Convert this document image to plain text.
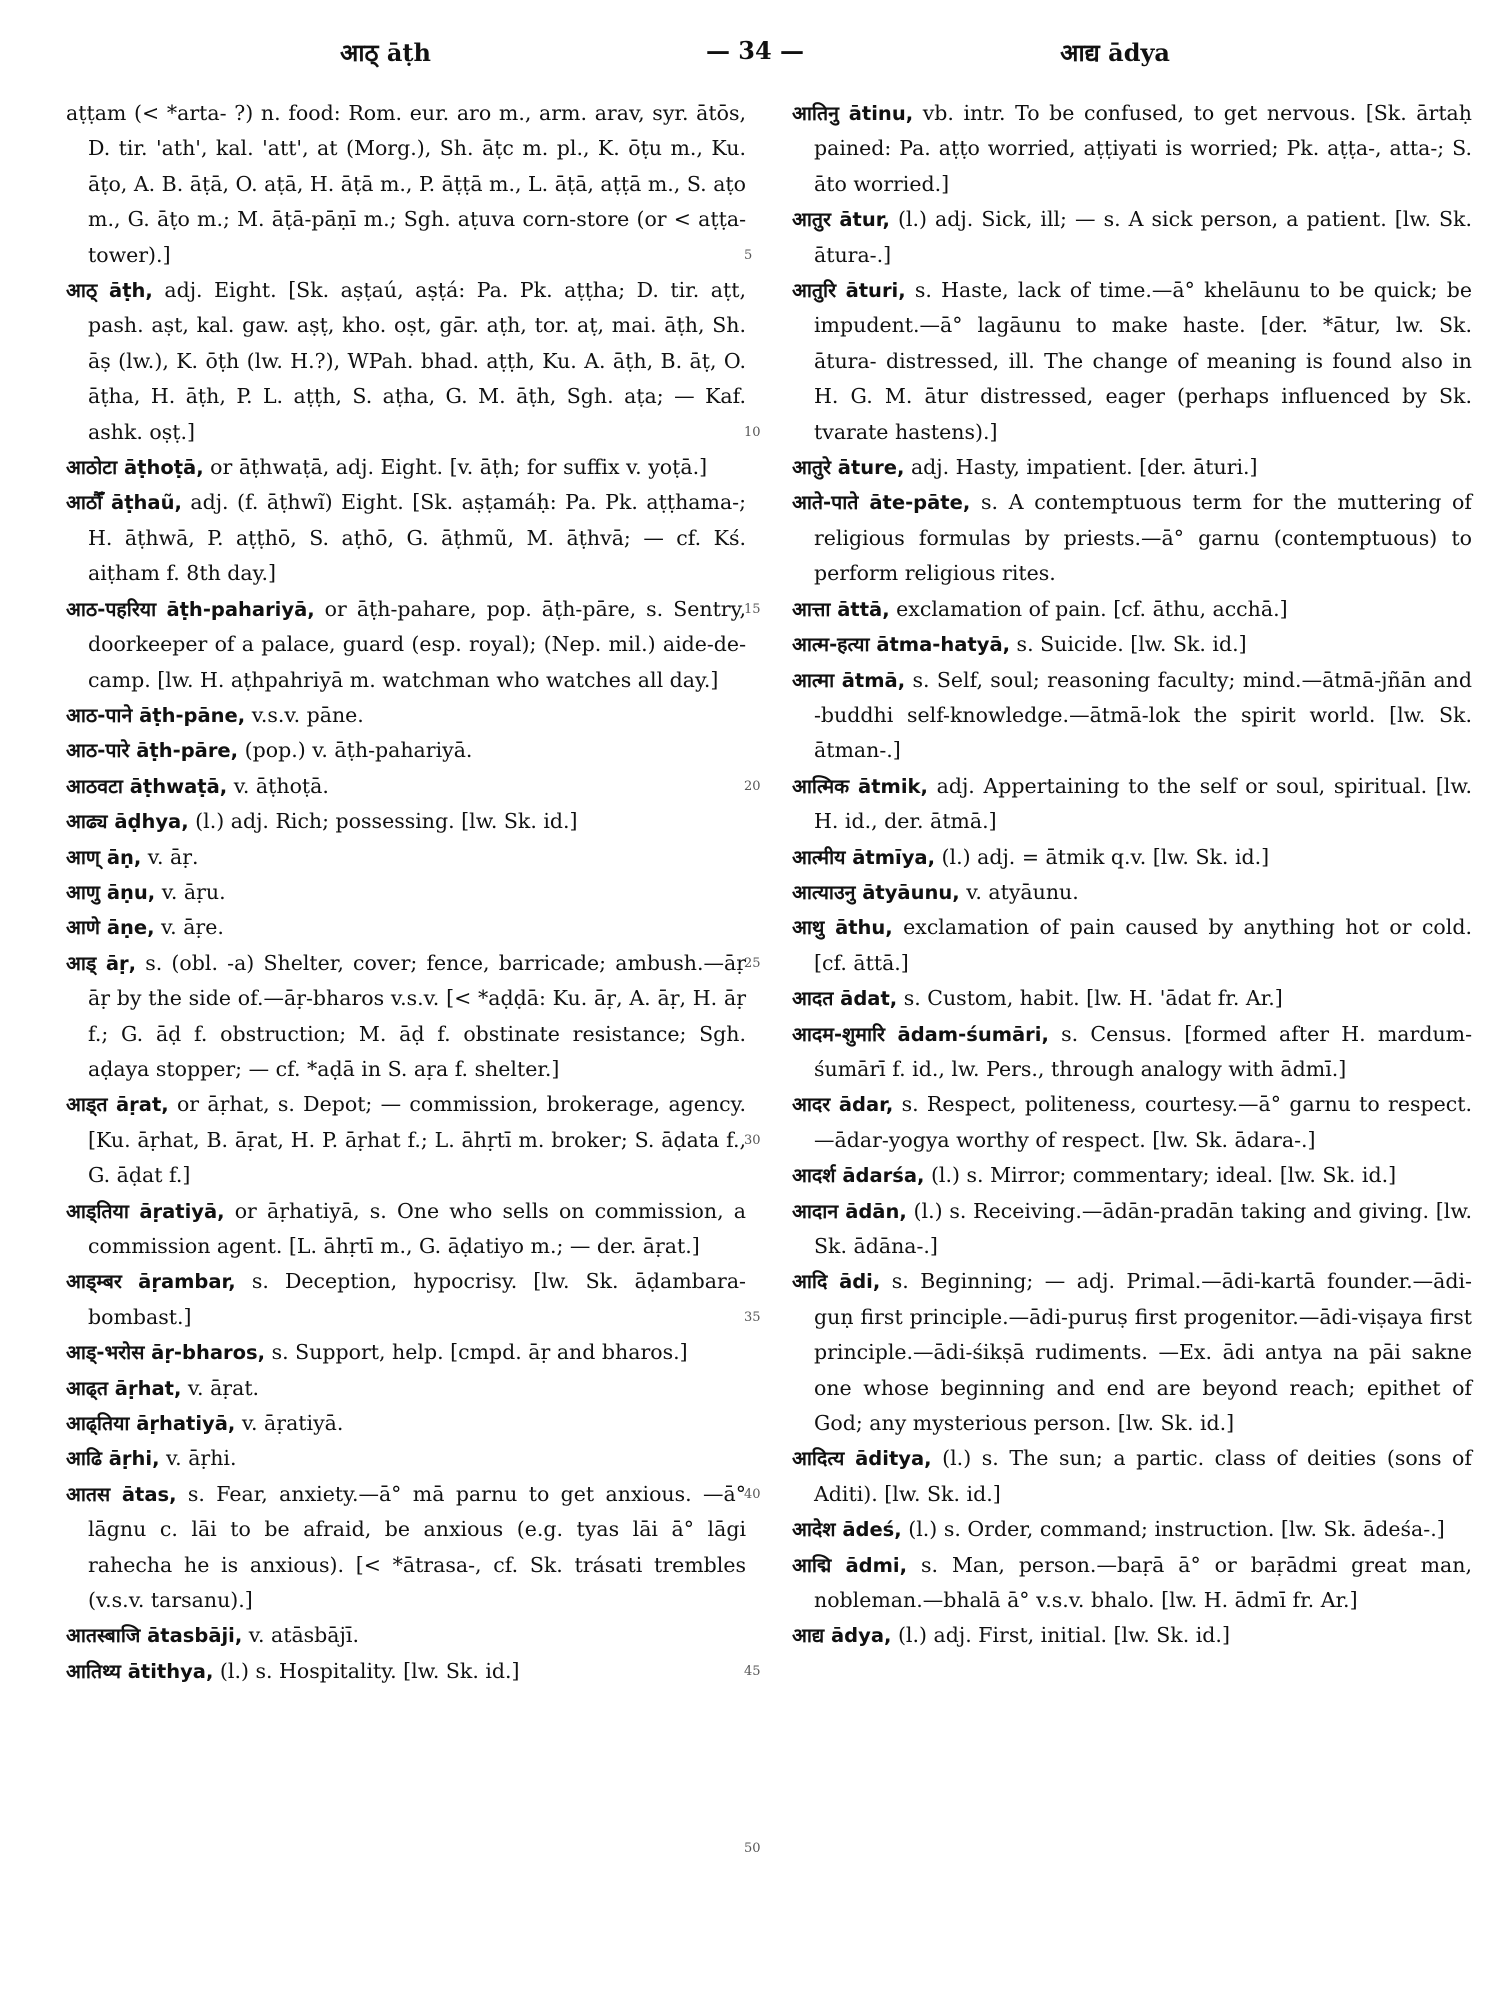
आठ् āṭh	— 34 —	आद्य ādya

aṭṭam (< *arta- ?) n. food: Rom. eur. aro m., arm. arav, syr. ātōs, D. tir. 'ath', kal. 'att', at (Morg.), Sh. āṭc m. pl., K. ōṭu m., Ku. āṭo, A. B. āṭā, O. aṭā, H. āṭā m., P. āṭṭā m., L. āṭā, aṭṭā m., S. aṭo m., G. āṭo m.; M. āṭā-pāṇī m.; Sgh. aṭuva corn-store (or < aṭṭa- tower).]

आठ् āṭh, adj. Eight. [Sk. aṣṭaú, aṣṭá: Pa. Pk. aṭṭha; D. tir. aṭt, pash. aṣt, kal. gaw. aṣṭ, kho. oṣt, gār. aṭh, tor. aṭ, mai. āṭh, Sh. āṣ (lw.), K. ōṭh (lw. H.?), WPah. bhad. aṭṭh, Ku. A. āṭh, B. āṭ, O. āṭha, H. āṭh, P. L. aṭṭh, S. aṭha, G. M. āṭh, Sgh. aṭa; — Kaf. ashk. oṣṭ.]

आठोटा āṭhoṭā, or āṭhwaṭā, adj. Eight. [v. āṭh; for suffix v. yoṭā.]

आठौँ āṭhaũ, adj. (f. āṭhwĩ) Eight. [Sk. aṣṭamáḥ: Pa. Pk. aṭṭhama-; H. āṭhwā, P. aṭṭhō, S. aṭhō, G. āṭhmũ, M. āṭhvā; — cf. Kś. aiṭham f. 8th day.]

आठ-पहरिया āṭh-pahariyā, or āṭh-pahare, pop. āṭh-pāre, s. Sentry, doorkeeper of a palace, guard (esp. royal); (Nep. mil.) aide-de-camp. [lw. H. aṭhpahriyā m. watchman who watches all day.]

आठ-पाने āṭh-pāne, v.s.v. pāne.

आठ-पारे āṭh-pāre, (pop.) v. āṭh-pahariyā.

आठवटा āṭhwaṭā, v. āṭhoṭā.

आढ्य āḍhya, (l.) adj. Rich; possessing. [lw. Sk. id.]

आण् āṇ, v. āṛ.

आणु āṇu, v. āṛu.

आणे āṇe, v. āṛe.

आड् āṛ, s. (obl. -a) Shelter, cover; fence, barricade; ambush.—āṛ āṛ by the side of.—āṛ-bharos v.s.v. [< *aḍḍā: Ku. āṛ, A. āṛ, H. āṛ f.; G. āḍ f. obstruction; M. āḍ f. obstinate resistance; Sgh. aḍaya stopper; — cf. *aḍā in S. aṛa f. shelter.]

आड्त āṛat, or āṛhat, s. Depot; — commission, brokerage, agency. [Ku. āṛhat, B. āṛat, H. P. āṛhat f.; L. āhṛtī m. broker; S. āḍata f., G. āḍat f.]

आड्तिया āṛatiyā, or āṛhatiyā, s. One who sells on commission, a commission agent. [L. āhṛtī m., G. āḍatiyo m.; — der. āṛat.]

आड्म्बर āṛambar, s. Deception, hypocrisy. [lw. Sk. āḍambara- bombast.]

आड्-भरोस āṛ-bharos, s. Support, help. [cmpd. āṛ and bharos.]

आढ्त āṛhat, v. āṛat.

आढ्तिया āṛhatiyā, v. āṛatiyā.

आढि āṛhi, v. āṛhi.

आतस ātas, s. Fear, anxiety.—ā° mā parnu to get anxious. —ā° lāgnu c. lāi to be afraid, be anxious (e.g. tyas lāi ā° lāgi rahecha he is anxious). [< *ātrasa-, cf. Sk. trásati trembles (v.s.v. tarsanu).]

आतस्बाजि ātasbāji, v. atāsbājī.

आतिथ्य ātithya, (l.) s. Hospitality. [lw. Sk. id.]

आतिनु ātinu, vb. intr. To be confused, to get nervous. [Sk. ārtaḥ pained: Pa. aṭṭo worried, aṭṭiyati is worried; Pk. aṭṭa-, atta-; S. āto worried.]

आतुर ātur, (l.) adj. Sick, ill; — s. A sick person, a patient. [lw. Sk. ātura-.]

आतुरि āturi, s. Haste, lack of time.—ā° khelāunu to be quick; be impudent.—ā° lagāunu to make haste. [der. *ātur, lw. Sk. ātura- distressed, ill. The change of meaning is found also in H. G. M. ātur distressed, eager (perhaps influenced by Sk. tvarate hastens).]

आतुरे āture, adj. Hasty, impatient. [der. āturi.]

आते-पाते āte-pāte, s. A contemptuous term for the muttering of religious formulas by priests.—ā° garnu (contemptuous) to perform religious rites.

आत्ता āttā, exclamation of pain. [cf. āthu, acchā.]

आत्म-हत्या ātma-hatyā, s. Suicide. [lw. Sk. id.]

आत्मा ātmā, s. Self, soul; reasoning faculty; mind.—ātmā-jñān and -buddhi self-knowledge.—ātmā-lok the spirit world. [lw. Sk. ātman-.]

आत्मिक ātmik, adj. Appertaining to the self or soul, spiritual. [lw. H. id., der. ātmā.]

आत्मीय ātmīya, (l.) adj. = ātmik q.v. [lw. Sk. id.]

आत्याउनु ātyāunu, v. atyāunu.

आथु āthu, exclamation of pain caused by anything hot or cold. [cf. āttā.]

आदत ādat, s. Custom, habit. [lw. H. 'ādat fr. Ar.]

आदम-शुमारि ādam-śumāri, s. Census. [formed after H. mardum-śumārī f. id., lw. Pers., through analogy with ādmī.]

आदर ādar, s. Respect, politeness, courtesy.—ā° garnu to respect.—ādar-yogya worthy of respect. [lw. Sk. ādara-.]

आदर्श ādarśa, (l.) s. Mirror; commentary; ideal. [lw. Sk. id.]

आदान ādān, (l.) s. Receiving.—ādān-pradān taking and giving. [lw. Sk. ādāna-.]

आदि ādi, s. Beginning; — adj. Primal.—ādi-kartā founder.—ādi-guṇ first principle.—ādi-puruṣ first progenitor.—ādi-viṣaya first principle.—ādi-śikṣā rudiments. —Ex. ādi antya na pāi sakne one whose beginning and end are beyond reach; epithet of God; any mysterious person. [lw. Sk. id.]

आदित्य āditya, (l.) s. The sun; a partic. class of deities (sons of Aditi). [lw. Sk. id.]

आदेश ādeś, (l.) s. Order, command; instruction. [lw. Sk. ādeśa-.]

आद्मि ādmi, s. Man, person.—baṛā ā° or baṛādmi great man, nobleman.—bhalā ā° v.s.v. bhalo. [lw. H. ādmī fr. Ar.]

आद्य ādya, (l.) adj. First, initial. [lw. Sk. id.]

5
10
15
20
25
30
35
40
45
50
